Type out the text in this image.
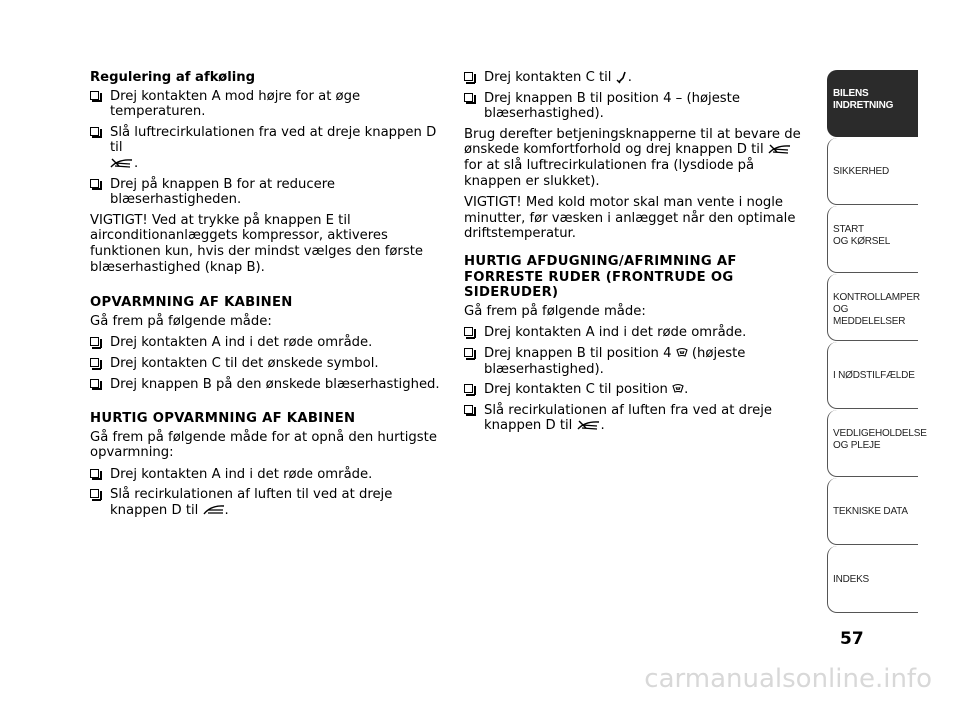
Regulering af afkøling
Drej kontakten A mod højre for at øge temperaturen.
Slå luftrecirkulationen fra ved at dreje knappen D til
.
Drej på knappen B for at reducere blæserhastigheden.
VIGTIGT! Ved at trykke på knappen E til airconditionanlæggets kompressor, aktiveres funktionen kun, hvis der mindst vælges den første blæserhastighed (knap B).
OPVARMNING AF KABINEN
Gå frem på følgende måde:
Drej kontakten A ind i det røde område.
Drej kontakten C til det ønskede symbol.
Drej knappen B på den ønskede blæserhastighed.
HURTIG OPVARMNING AF KABINEN
Gå frem på følgende måde for at opnå den hurtigste opvarmning:
Drej kontakten A ind i det røde område.
Slå recirkulationen af luften til ved at dreje knappen D til .
Drej kontakten C til .
Drej knappen B til position 4 – (højeste blæserhastighed).
Brug derefter betjeningsknapperne til at bevare de ønskede komfortforhold og drej knappen D til  for at slå luftrecirkulationen fra (lysdiode på knappen er slukket).
VIGTIGT! Med kold motor skal man vente i nogle minutter, før væsken i anlægget når den optimale driftstemperatur.
HURTIG AFDUGNING/AFRIMNING AF FORRESTE RUDER (FRONTRUDE OG SIDERUDER)
Gå frem på følgende måde:
Drej kontakten A ind i det røde område.
Drej knappen B til position 4 (højeste blæserhastighed).
Drej kontakten C til position .
Slå recirkulationen af luften fra ved at dreje knappen D til .
BILENS
INDRETNING
SIKKERHED
START
OG KØRSEL
KONTROLLAMPER
OG MEDDELELSER
I NØDSTILFÆLDE
VEDLIGEHOLDELSE
OG PLEJE
TEKNISKE DATA
INDEKS
57
carmanualsonline.info
